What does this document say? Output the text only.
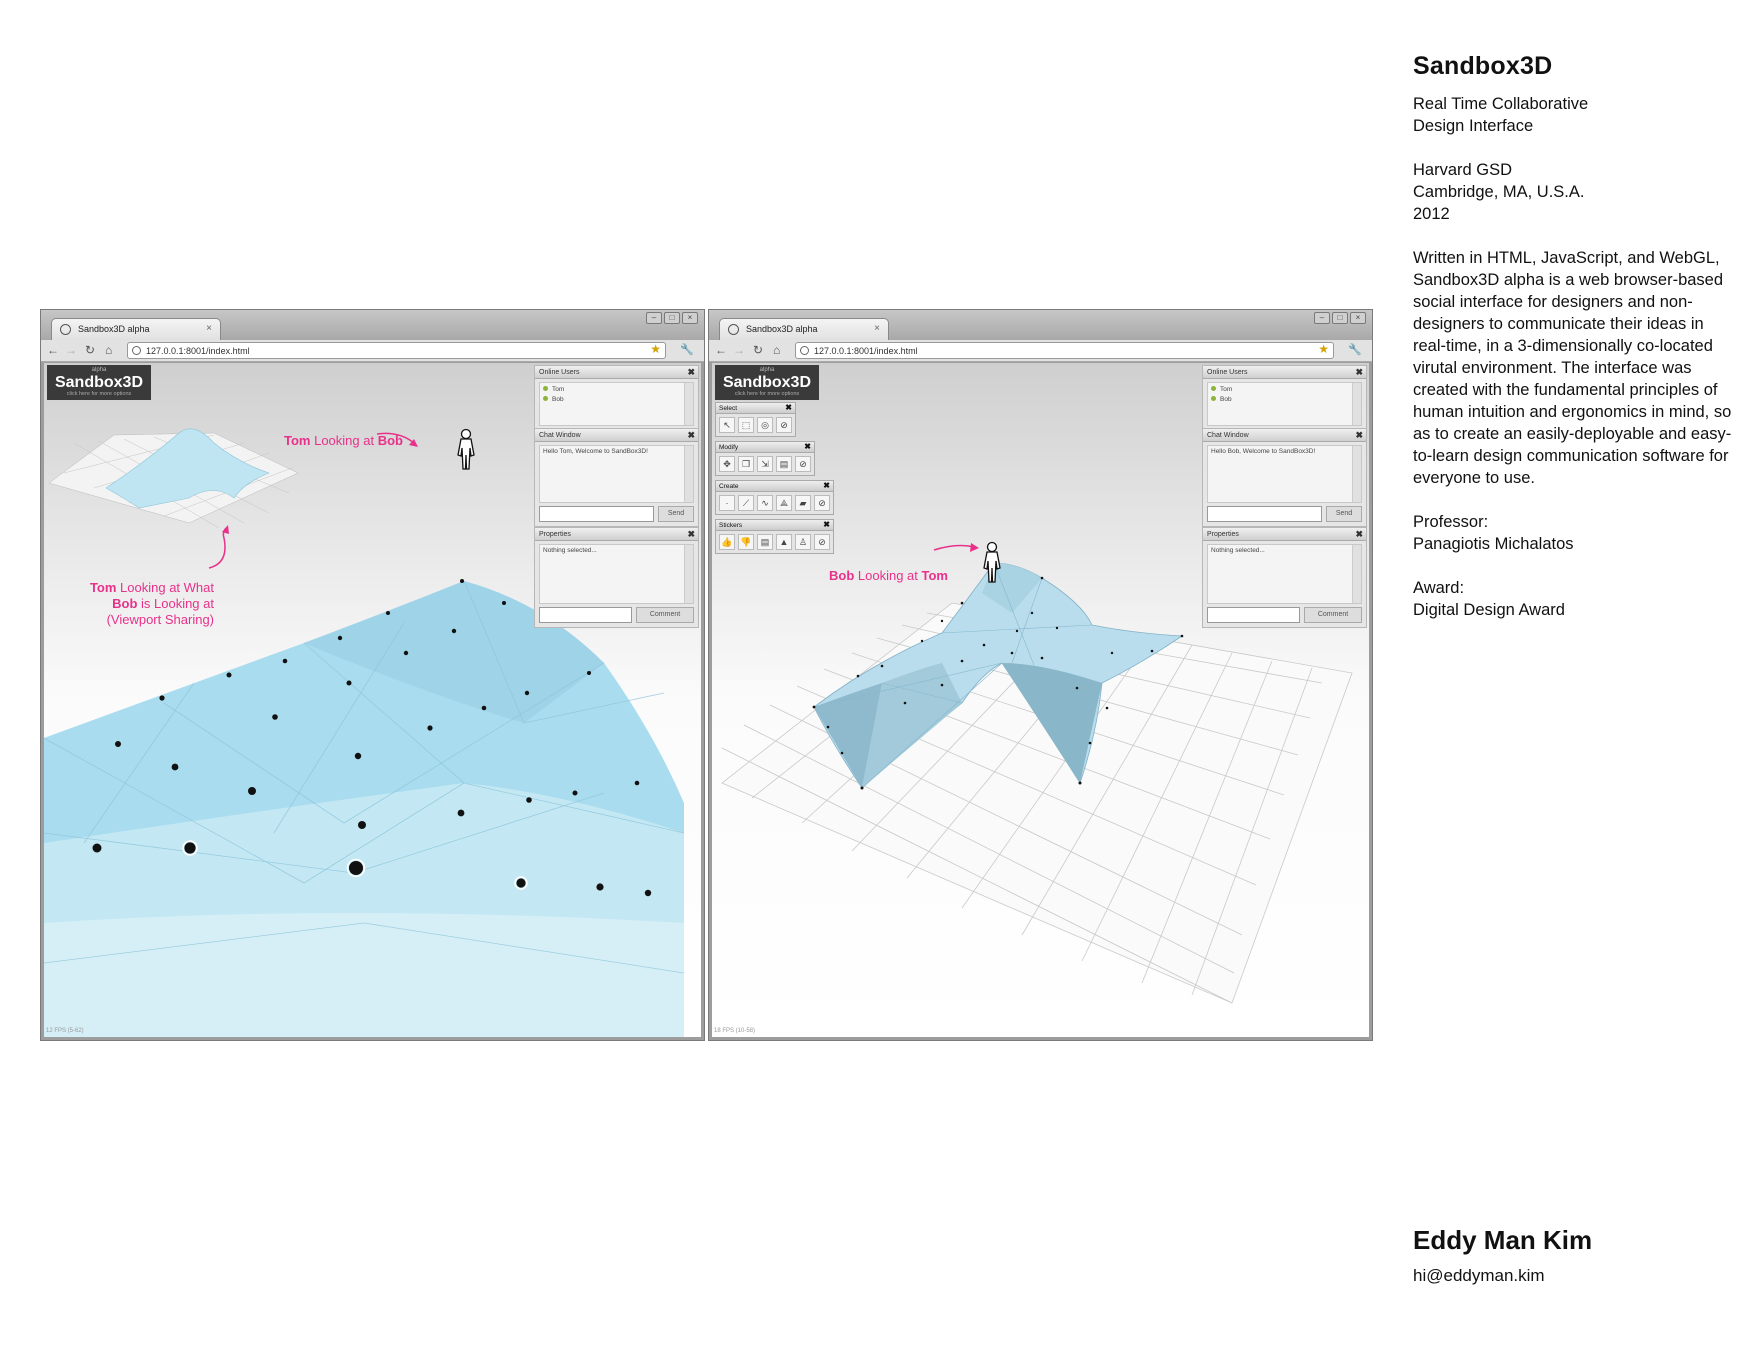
Sandbox3D alpha	×
–	□	×
← → ↻ ⌂	127.0.0.1:8001/index.html	★ 🔧
alpha
Sandbox3D
click here for more options
Tom Looking at Bob
Tom Looking at What
Bob is Looking at
(Viewport Sharing)
Online Users	✖
Tom
Bob
Chat Window	✖
Hello Tom, Welcome to SandBox3D!
Send
Properties	✖
Nothing selected...
Comment
12 FPS (5-62)
Sandbox3D alpha	×
–	□	×
← → ↻ ⌂	127.0.0.1:8001/index.html	★ 🔧
alpha
Sandbox3D
click here for more options
Select	✖
↖	⬚	◎	⊘
Modify	✖
✥	❐	⇲	▤	⊘
Create	✖
·	⟋	∿	⟁	▰	⊘
Stickers	✖
👍 👎	▤	▲	♙	⊘
Bob Looking at Tom
Online Users	✖
Tom
Bob
Chat Window	✖
Hello Bob, Welcome to SandBox3D!
Send
Properties	✖
Nothing selected...
Comment
18 FPS (10-58)
Sandbox3D

Real Time Collaborative
Design Interface

Harvard GSD
Cambridge, MA, U.S.A.
2012

Written in HTML, JavaScript, and WebGL, Sandbox3D alpha is a web browser-based social interface for designers and non-designers to communicate their ideas in real-time, in a 3-dimensionally co-located virutal environment. The interface was created with the fundamental principles of human intuition and ergonomics in mind, so as to create an easily-deployable and easy-to-learn design communication software for everyone to use.

Professor:
Panagiotis Michalatos

Award:
Digital Design Award

Eddy Man Kim
hi@eddyman.kim
